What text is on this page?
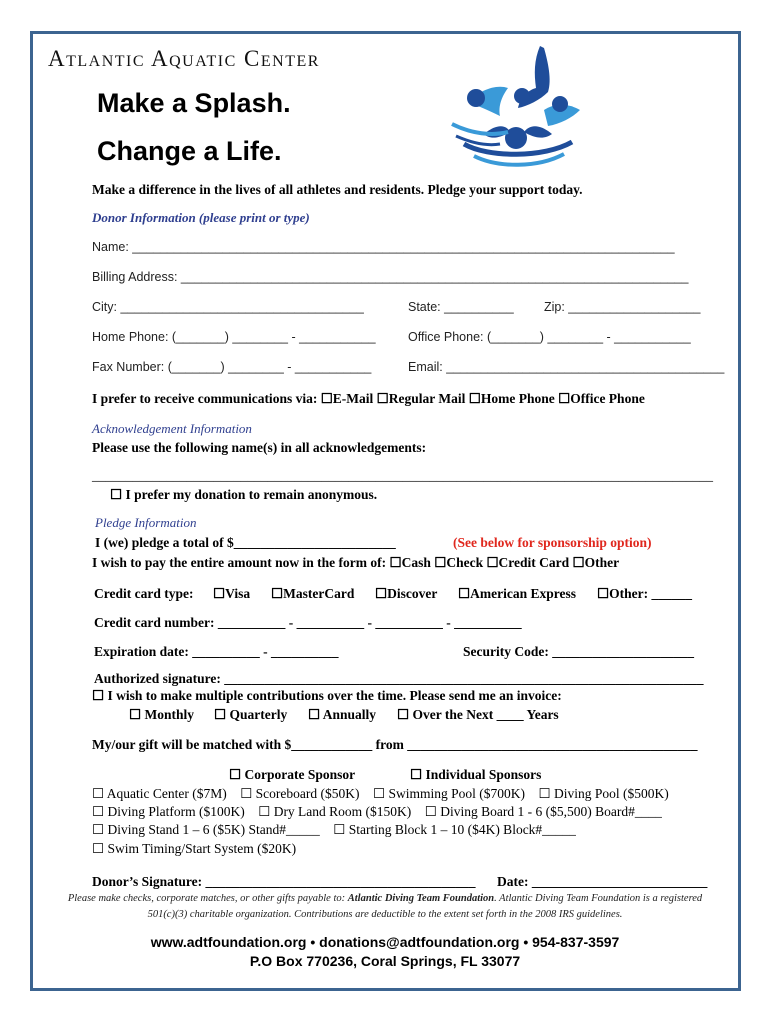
Atlantic Aquatic Center
Make a Splash.
Change a Life.
Make a difference in the lives of all athletes and residents. Pledge your support today.
Donor Information (please print or type)
Name: ______________________________________________________________________________
Billing Address: _________________________________________________________________________
City: ___________________________________	State: __________ Zip: ___________________
Home Phone: (_______) ________ - ___________	Office Phone: (_______) ________ - ___________
Fax Number: (_______) ________ - ___________	Email: ________________________________________
I prefer to receive communications via: ☐E-Mail ☐Regular Mail ☐Home Phone ☐Office Phone
Acknowledgement Information
Please use the following name(s) in all acknowledgements:
____________________________________________________________________________________________
☐ I prefer my donation to remain anonymous.
Pledge Information
I (we) pledge a total of $________________________	(See below for sponsorship option)
I wish to pay the entire amount now in the form of: ☐Cash ☐Check ☐Credit Card ☐Other
Credit card type: ☐Visa ☐MasterCard ☐Discover ☐American Express ☐Other: ______
Credit card number: __________ - __________ - __________ - __________
Expiration date: __________ - __________	Security Code: _____________________
Authorized signature: _______________________________________________________________________
☐ I wish to make multiple contributions over the time. Please send me an invoice:
☐ Monthly ☐ Quarterly ☐ Annually ☐ Over the Next ____ Years
My/our gift will be matched with $____________ from ___________________________________________
☐ Corporate Sponsor	☐ Individual Sponsors
☐ Aquatic Center ($7M)    ☐ Scoreboard ($50K)    ☐ Swimming Pool ($700K)    ☐ Diving Pool ($500K)
☐ Diving Platform ($100K)    ☐ Dry Land Room ($150K)    ☐ Diving Board 1 - 6 ($5,500) Board#____
☐ Diving Stand 1 – 6 ($5K) Stand#_____    ☐ Starting Block 1 – 10 ($4K) Block#_____
☐ Swim Timing/Start System ($20K)
Donor’s Signature: ________________________________________ Date: __________________________
Please make checks, corporate matches, or other gifts payable to: Atlantic Diving Team Foundation. Atlantic Diving Team Foundation is a registered 501(c)(3) charitable organization. Contributions are deductible to the extent set forth in the 2008 IRS guidelines.
www.adtfoundation.org • donations@adtfoundation.org • 954-837-3597
P.O Box 770236, Coral Springs, FL 33077
